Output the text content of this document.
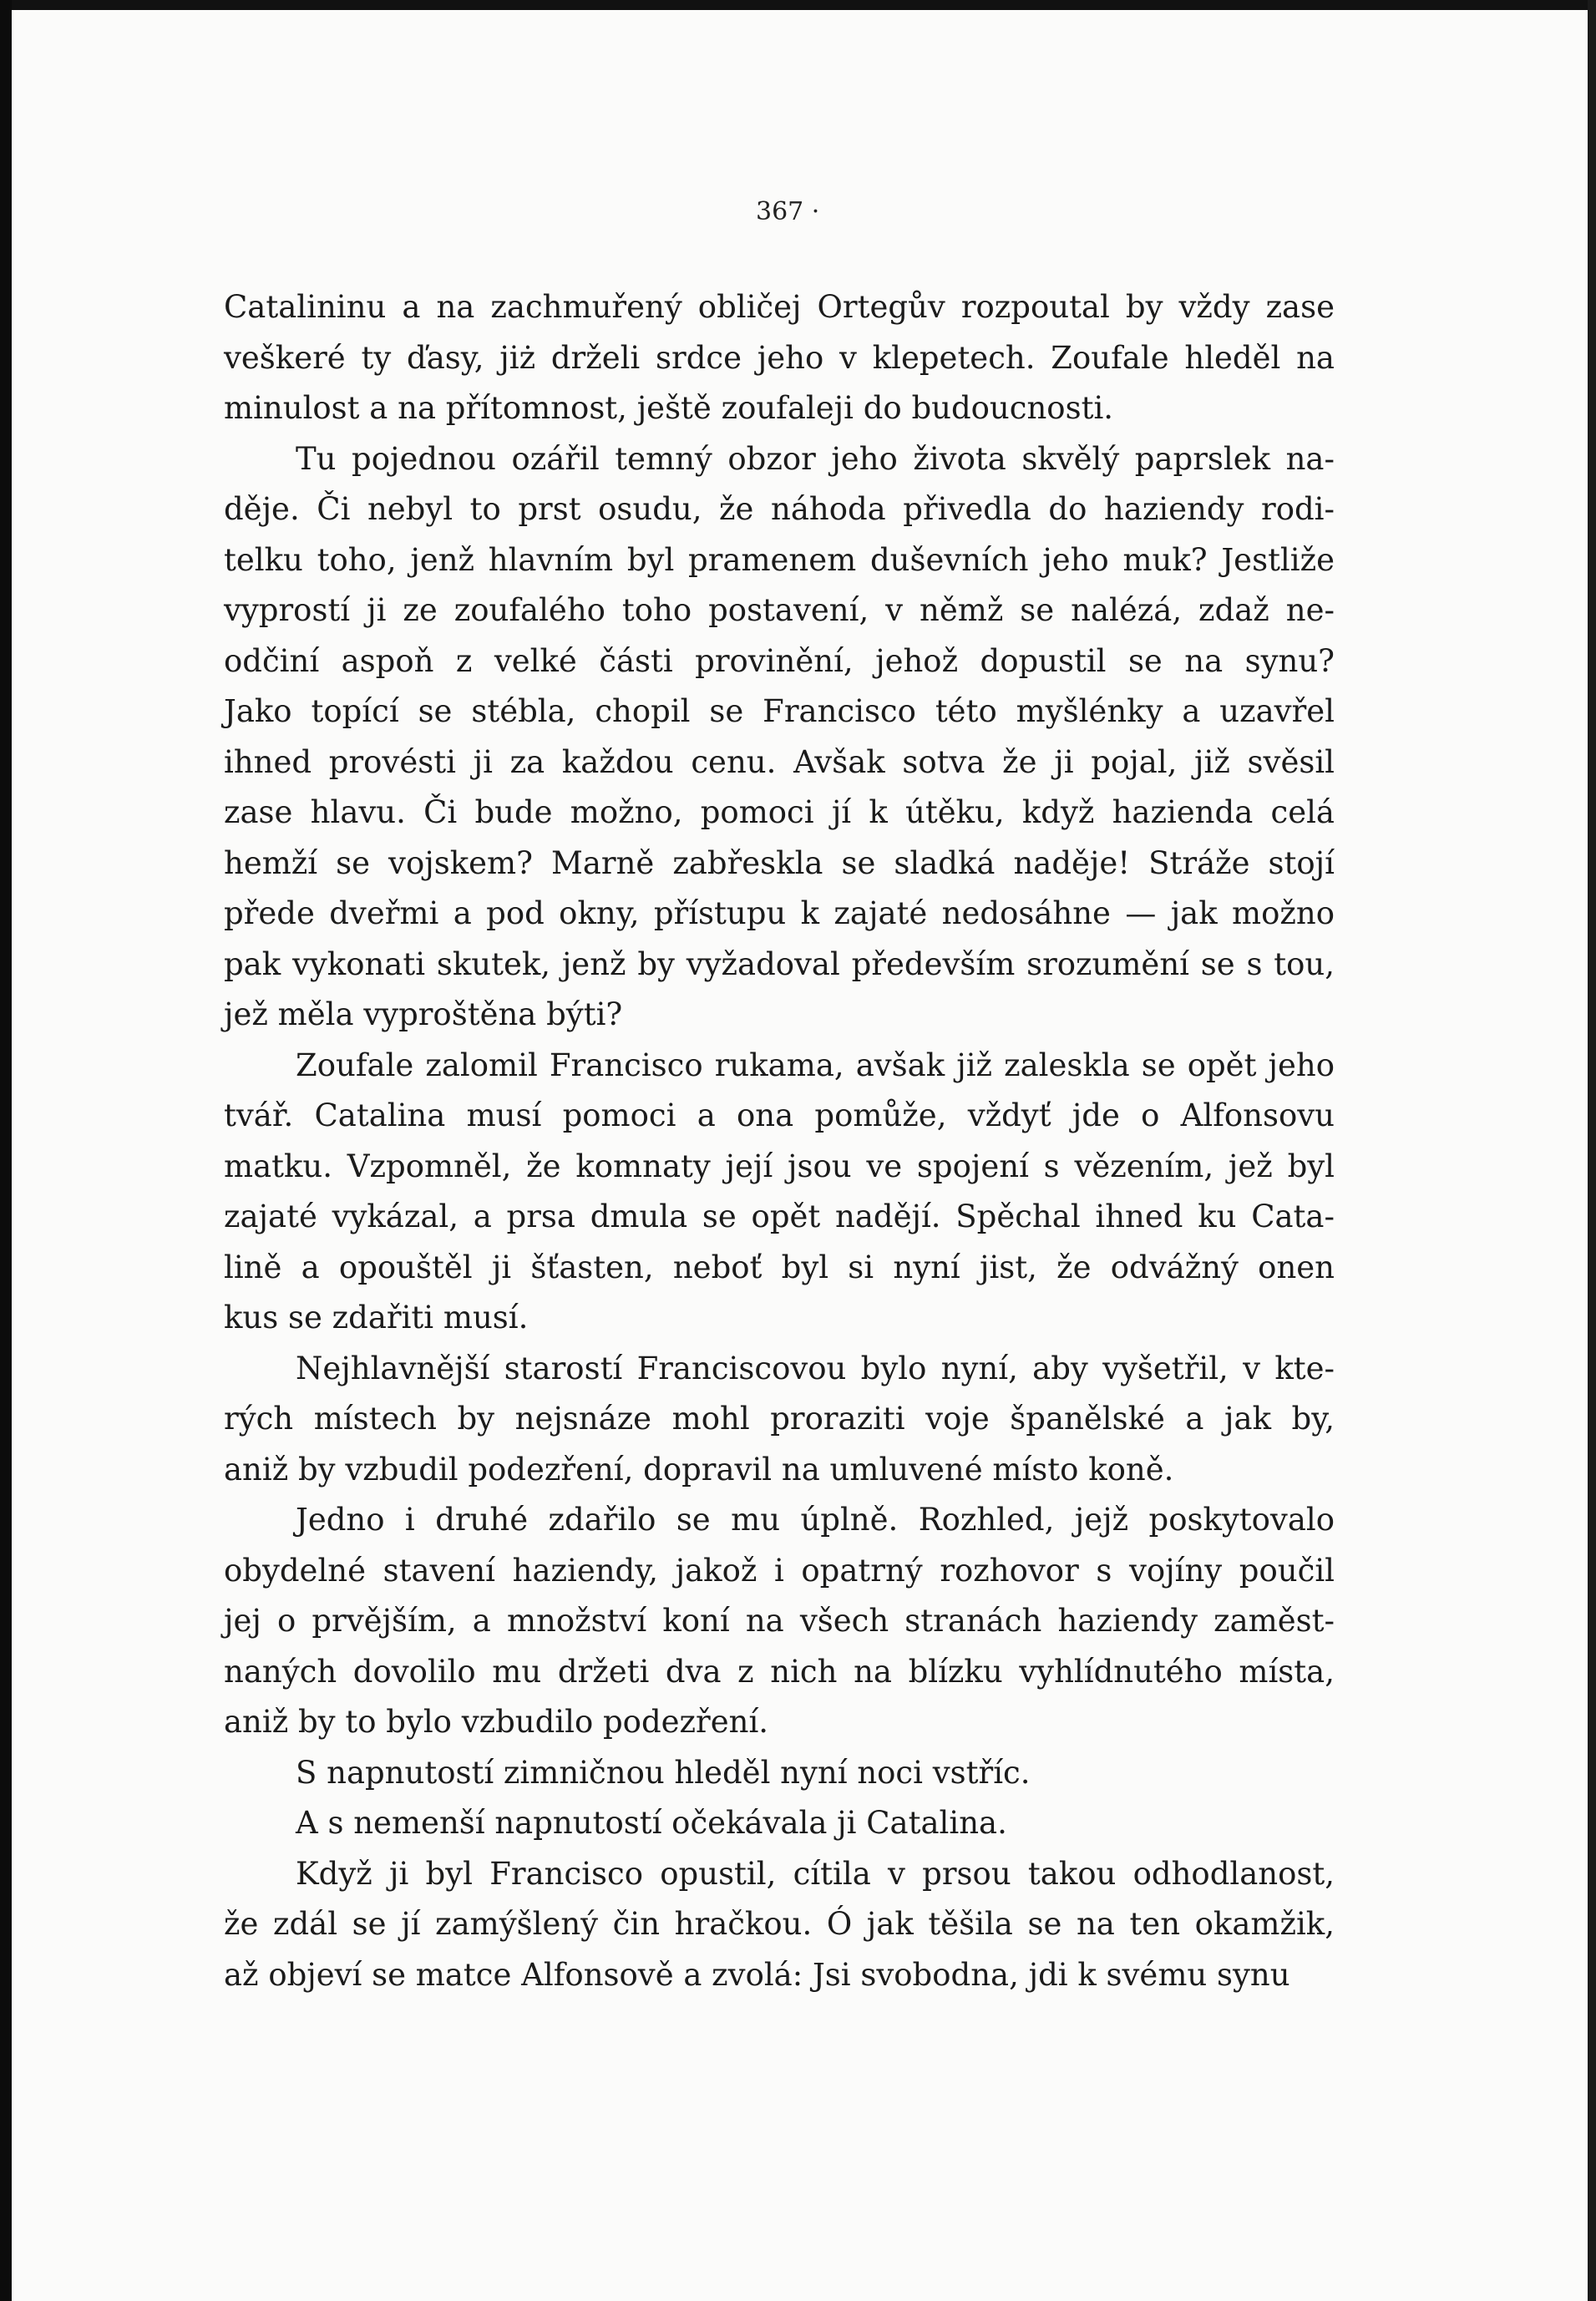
367 ·
Catalininu a na zachmuřený obličej Ortegův rozpoutal by vždy zase
veškeré ty ďasy, jiż drželi srdce jeho v klepetech. Zoufale hleděl na
minulost a na přítomnost, ještě zoufaleji do budoucnosti.
Tu pojednou ozářil temný obzor jeho života skvělý paprslek na-
děje. Či nebyl to prst osudu, že náhoda přivedla do haziendy rodi-
telku toho, jenž hlavním byl pramenem duševních jeho muk? Jestliže
vyprostí ji ze zoufalého toho postavení, v němž se nalézá, zdaž ne-
odčiní aspoň z velké části provinění, jehož dopustil se na synu?
Jako topící se stébla, chopil se Francisco této myšlénky a uzavřel
ihned provésti ji za každou cenu. Avšak sotva že ji pojal, již svěsil
zase hlavu. Či bude možno, pomoci jí k útěku, když hazienda celá
hemží se vojskem? Marně zabřeskla se sladká naděje! Stráže stojí
přede dveřmi a pod okny, přístupu k zajaté nedosáhne — jak možno
pak vykonati skutek, jenž by vyžadoval především srozumění se s tou,
jež měla vyproštěna býti?
Zoufale zalomil Francisco rukama, avšak již zaleskla se opět jeho
tvář. Catalina musí pomoci a ona pomůže, vždyť jde o Alfonsovu
matku. Vzpomněl, že komnaty její jsou ve spojení s vězením, jež byl
zajaté vykázal, a prsa dmula se opět nadějí. Spěchal ihned ku Cata-
lině a opouštěl ji šťasten, neboť byl si nyní jist, že odvážný onen
kus se zdařiti musí.
Nejhlavnější starostí Franciscovou bylo nyní, aby vyšetřil, v kte-
rých místech by nejsnáze mohl proraziti voje španělské a jak by,
aniž by vzbudil podezření, dopravil na umluvené místo koně.
Jedno i druhé zdařilo se mu úplně. Rozhled, jejž poskytovalo
obydelné stavení haziendy, jakož i opatrný rozhovor s vojíny poučil
jej o prvějším, a množství koní na všech stranách haziendy zaměst-
naných dovolilo mu držeti dva z nich na blízku vyhlídnutého místa,
aniž by to bylo vzbudilo podezření.
S napnutostí zimničnou hleděl nyní noci vstříc.
A s nemenší napnutostí očekávala ji Catalina.
Když ji byl Francisco opustil, cítila v prsou takou odhodlanost,
že zdál se jí zamýšlený čin hračkou. Ó jak těšila se na ten okamžik,
až objeví se matce Alfonsově a zvolá: Jsi svobodna, jdi k svému synu
